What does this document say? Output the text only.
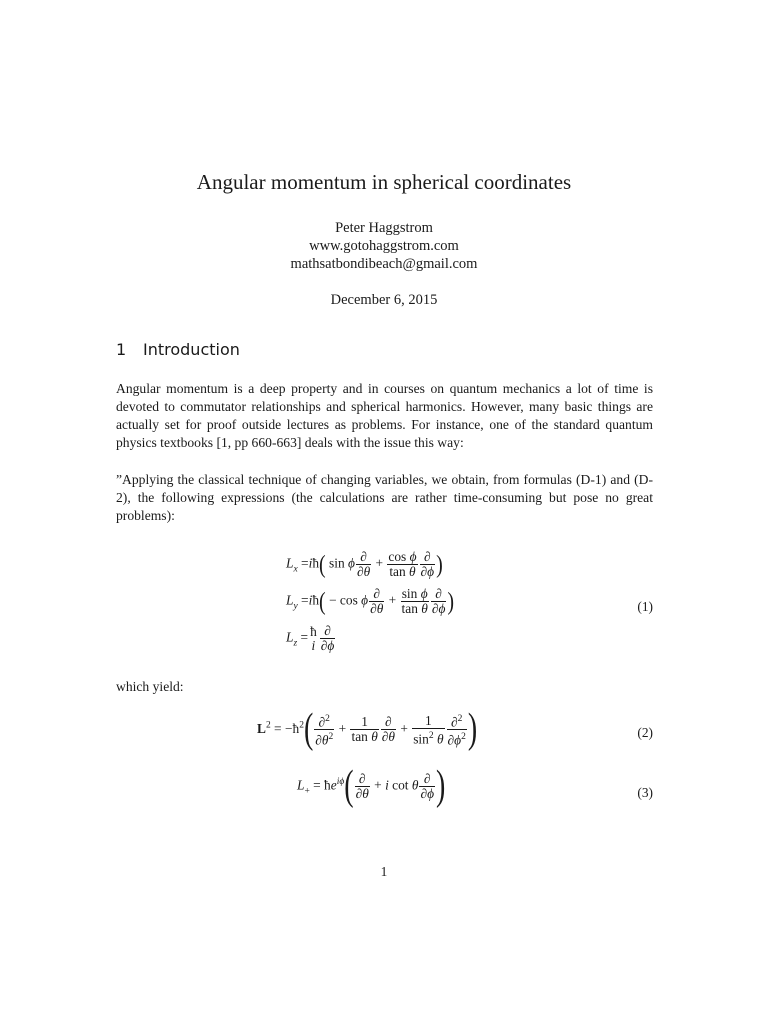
Angular momentum in spherical coordinates
Peter Haggstrom
www.gotohaggstrom.com
mathsatbondibeach@gmail.com
December 6, 2015
1 Introduction
Angular momentum is a deep property and in courses on quantum mechanics a lot of time is devoted to commutator relationships and spherical harmonics. However, many basic things are actually set for proof outside lectures as problems. For instance, one of the standard quantum physics textbooks [1, pp 660-663] deals with the issue this way:
”Applying the classical technique of changing variables, we obtain, from formulas (D-1) and (D-2), the following expressions (the calculations are rather time-consuming but pose no great problems):
$L_x$ =iħ( sin ϕ $\frac{\partial}{\partial\theta} + \frac{\text{cos ϕ}}{\text{tan θ}} \frac{\partial}{\partial\phi}$ )
$L_y$ =iħ( − cos ϕ $\frac{\partial}{\partial\theta} + \frac{\text{sin ϕ}}{\text{tan θ}} \frac{\partial}{\partial\phi}$ )
$L_z$ = ħ
i $\frac{\partial}{\partial\phi}$
(1)
which yield:
$L^2$ = $-ħ^2( \frac{\partial^2}{\partial\theta^2} + \frac{1}{\text{tan θ}} \frac{\partial}{\partial\theta} + \frac{1}{\sin^2 \theta} \frac{\partial^2}{\partial\phi^2}$ )	(2)
$L_+$ = $ħe^{i\phi}( \frac{\partial}{\partial\theta} + i$ cot θ $\frac{\partial}{\partial\phi}$ )	(3)
1
